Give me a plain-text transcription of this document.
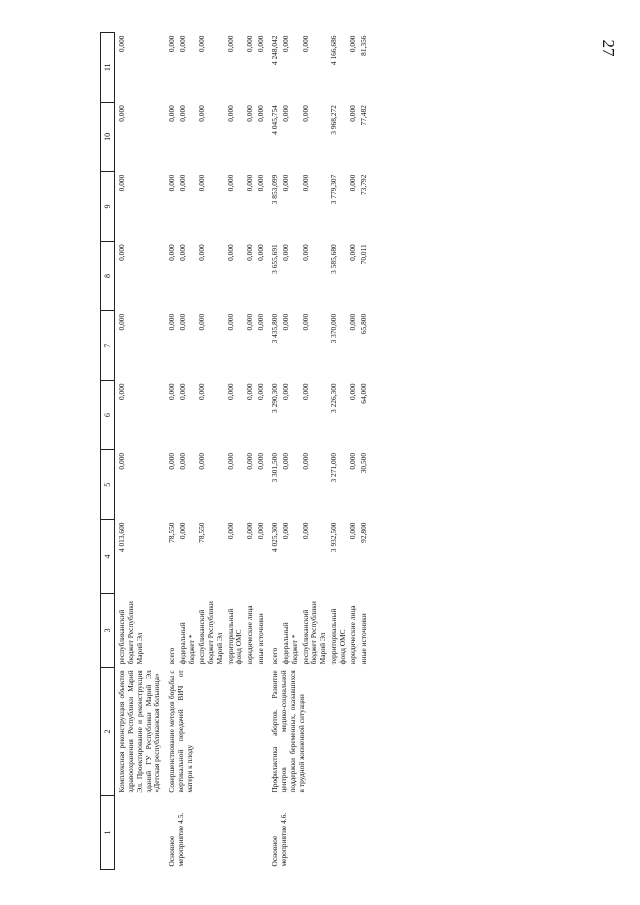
27
1	2	3	4	5	6	7	8	9	10	11
	Комплексная реконструкция объектов здравоохранения Республики Марий Эл. Проектирование и реконструкция зданий ГУ Республики Марий Эл «Детская республиканская больница»	республиканский бюджет Республики Марий Эл	4 013,600	0,000	0,000	0,000	0,000	0,000	0,000	0,000
Основное мероприятие 4.5.	Совершенствование методов борьбы с вертикальной передачей ВИЧ от матери к плоду	всего	78,550	0,000	0,000	0,000	0,000	0,000	0,000	0,000
		федеральный бюджет *	0,000	0,000	0,000	0,000	0,000	0,000	0,000	0,000
		республиканский бюджет Республики Марий Эл	78,550	0,000	0,000	0,000	0,000	0,000	0,000	0,000
		территориальный фонд ОМС	0,000	0,000	0,000	0,000	0,000	0,000	0,000	0,000
		юридические лица	0,000	0,000	0,000	0,000	0,000	0,000	0,000	0,000
		иные источники	0,000	0,000	0,000	0,000	0,000	0,000	0,000	0,000
Основное мероприятие 4.6.	Профилактика абортов. Развитие центров медико-социальной поддержки беременных, оказавшихся в трудной жизненной ситуации	всего	4 025,300	3 301,500	3 290,300	3 435,800	3 655,691	3 853,099	4 045,754	4 248,042
		федеральный бюджет *	0,000	0,000	0,000	0,000	0,000	0,000	0,000	0,000
		республиканский бюджет Республики Марий Эл	0,000	0,000	0,000	0,000	0,000	0,000	0,000	0,000
		территориальный фонд ОМС	3 932,500	3 271,000	3 226,300	3 370,000	3 585,680	3 779,307	3 968,272	4 166,686
		юридические лица	0,000	0,000	0,000	0,000	0,000	0,000	0,000	0,000
		иные источники	92,800	30,500	64,000	65,800	70,011	73,792	77,482	81,356
